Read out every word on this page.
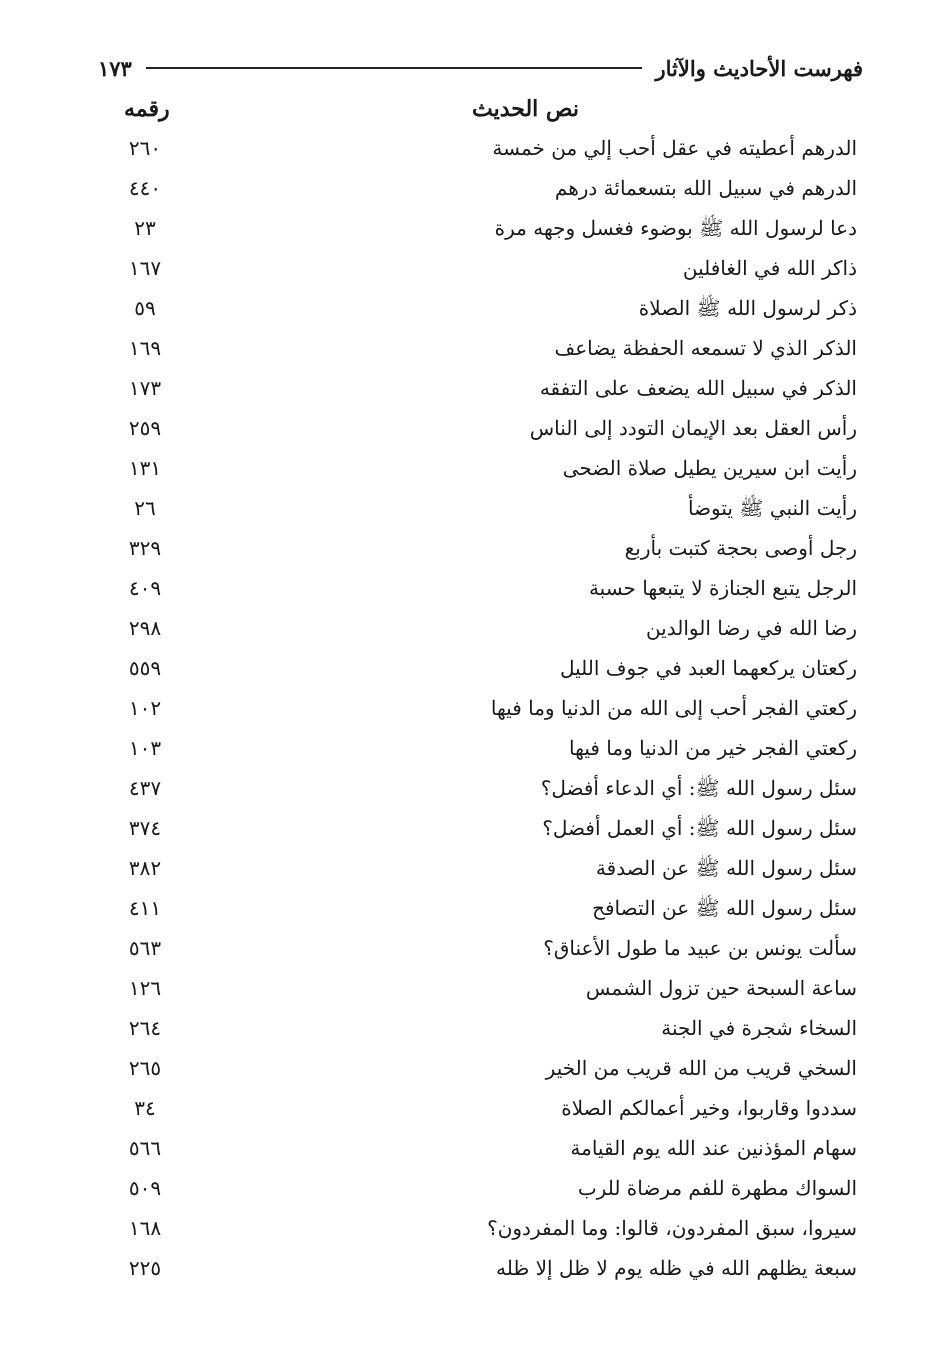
فهرست الأحاديث والآثار
١٧٣
نص الحديث
رقمه
الدرهم أعطيته في عقل أحب إلي من خمسة
٢٦٠
الدرهم في سبيل الله بتسعمائة درهم
٤٤٠
دعا لرسول الله ﷺ بوضوء فغسل وجهه مرة
٢٣
ذاكر الله في الغافلين
١٦٧
ذكر لرسول الله ﷺ الصلاة
٥٩
الذكر الذي لا تسمعه الحفظة يضاعف
١٦٩
الذكر في سبيل الله يضعف على التفقه
١٧٣
رأس العقل بعد الإيمان التودد إلى الناس
٢٥٩
رأيت ابن سيرين يطيل صلاة الضحى
١٣١
رأيت النبي ﷺ يتوضأ
٢٦
رجل أوصى بحجة كتبت بأربع
٣٢٩
الرجل يتبع الجنازة لا يتبعها حسبة
٤٠٩
رضا الله في رضا الوالدين
٢٩٨
ركعتان يركعهما العبد في جوف الليل
٥٥٩
ركعتي الفجر أحب إلى الله من الدنيا وما فيها
١٠٢
ركعتي الفجر خير من الدنيا وما فيها
١٠٣
سئل رسول الله ﷺ: أي الدعاء أفضل؟
٤٣٧
سئل رسول الله ﷺ: أي العمل أفضل؟
٣٧٤
سئل رسول الله ﷺ عن الصدقة
٣٨٢
سئل رسول الله ﷺ عن التصافح
٤١١
سألت يونس بن عبيد ما طول الأعناق؟
٥٦٣
ساعة السبحة حين تزول الشمس
١٢٦
السخاء شجرة في الجنة
٢٦٤
السخي قريب من الله قريب من الخير
٢٦٥
سددوا وقاربوا، وخير أعمالكم الصلاة
٣٤
سهام المؤذنين عند الله يوم القيامة
٥٦٦
السواك مطهرة للفم مرضاة للرب
٥٠٩
سيروا، سبق المفردون، قالوا: وما المفردون؟
١٦٨
سبعة يظلهم الله في ظله يوم لا ظل إلا ظله
٢٢٥
